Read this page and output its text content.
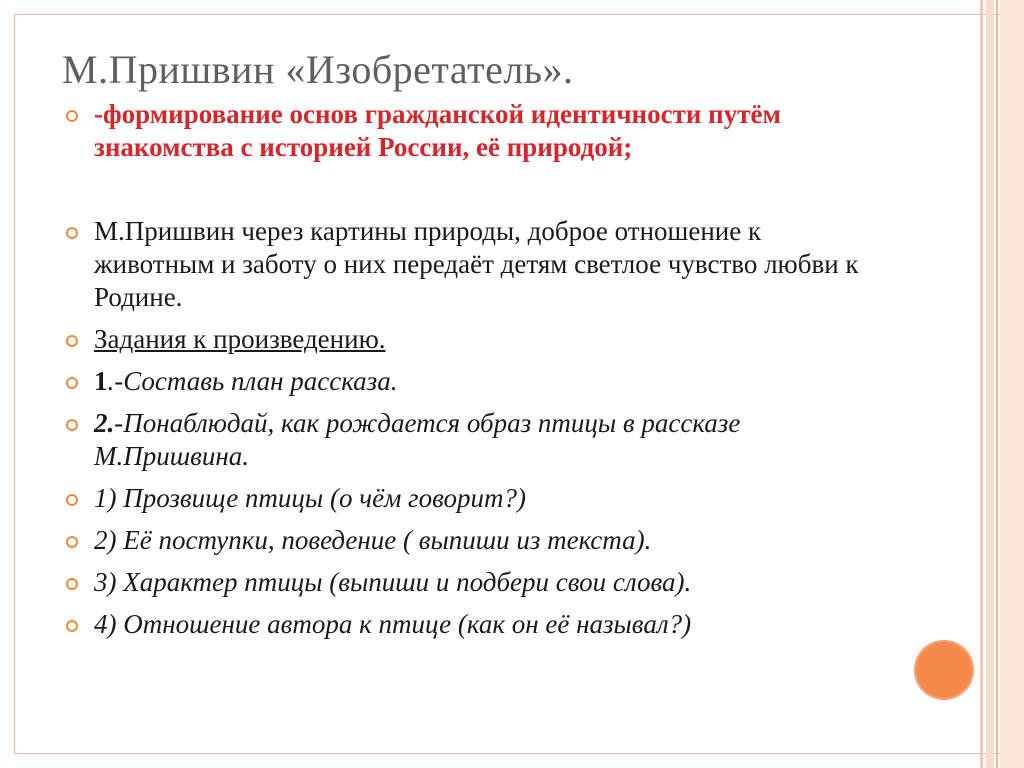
М.Пришвин «Изобретатель».
-формирование основ гражданской идентичности путём знакомства с историей России, её природой;
М.Пришвин через картины природы, доброе отношение к животным и заботу о них передаёт детям светлое чувство любви к Родине.
Задания к произведению.
1.-Составь план рассказа.
2.-Понаблюдай, как рождается образ птицы в рассказе М.Пришвина.
1) Прозвище птицы (о чём говорит?)
2) Её поступки, поведение ( выпиши из текста).
3) Характер птицы (выпиши и подбери свои слова).
4) Отношение автора к птице (как он её называл?)
